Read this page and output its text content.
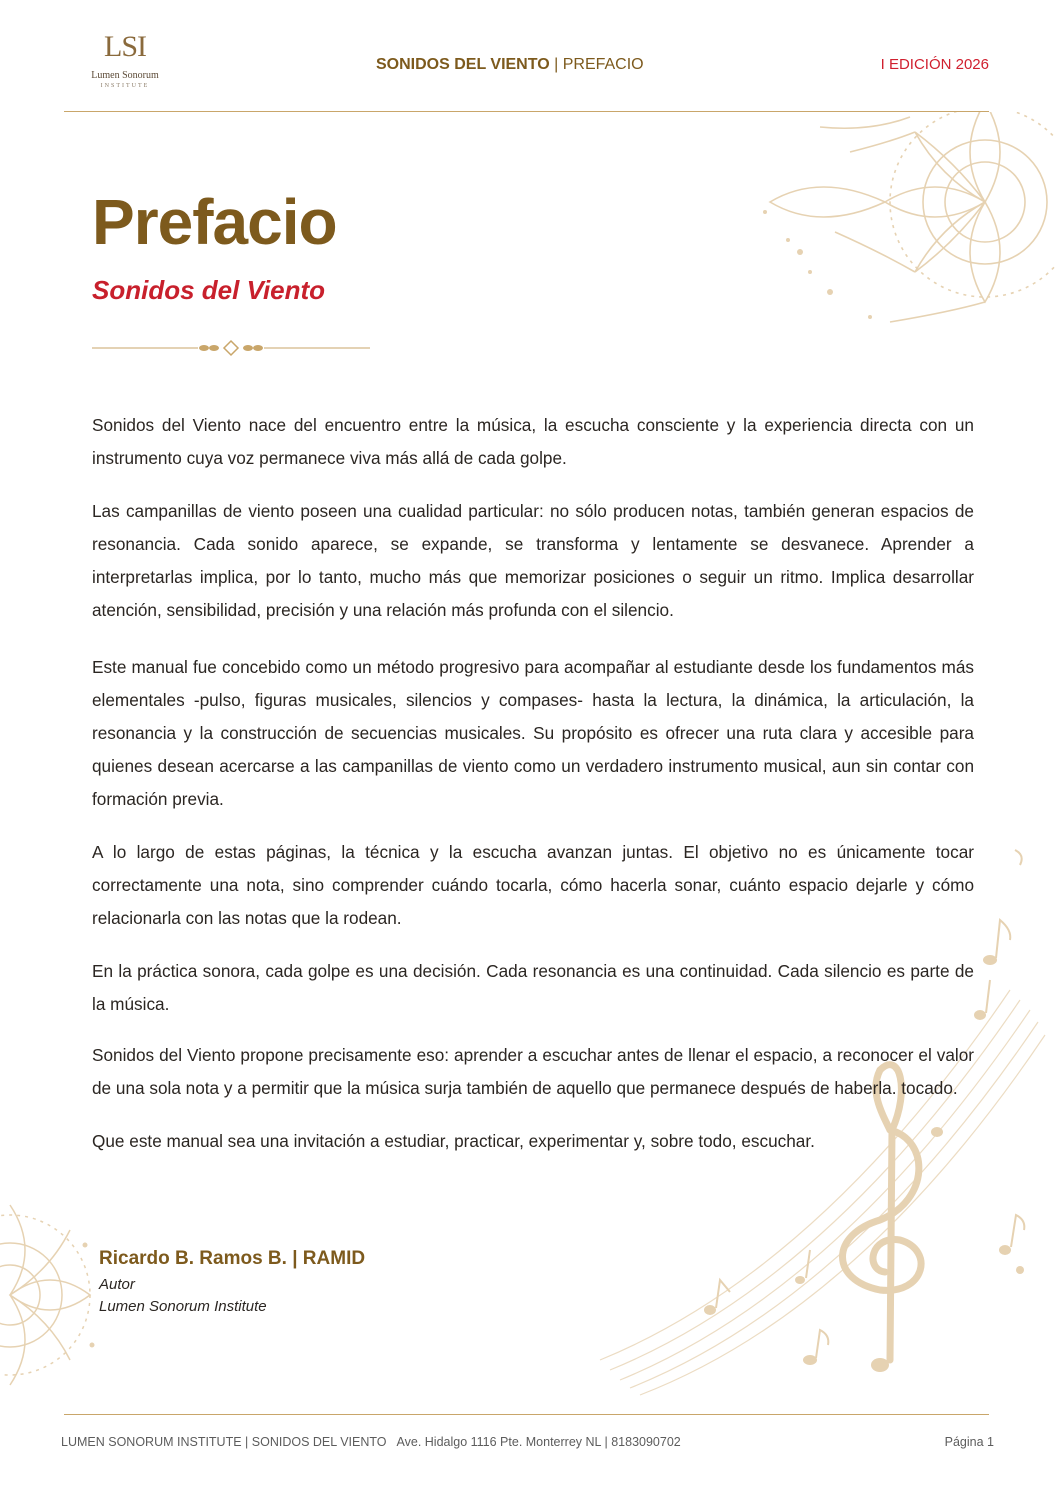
LSI
Lumen Sonorum
INSTITUTE
SONIDOS DEL VIENTO | PREFACIO	I EDICIÓN 2026
Prefacio
Sonidos del Viento

Sonidos del Viento nace del encuentro entre la música, la escucha consciente y la experiencia directa con un instrumento cuya voz permanece viva más allá de cada golpe.

Las campanillas de viento poseen una cualidad particular: no sólo producen notas, también generan espacios de resonancia. Cada sonido aparece, se expande, se transforma y lentamente se desvanece. Aprender a interpretarlas implica, por lo tanto, mucho más que memorizar posiciones o seguir un ritmo. Implica desarrollar atención, sensibilidad, precisión y una relación más profunda con el silencio.

Este manual fue concebido como un método progresivo para acompañar al estudiante desde los fundamentos más elementales -pulso, figuras musicales, silencios y compases- hasta la lectura, la dinámica, la articulación, la resonancia y la construcción de secuencias musicales. Su propósito es ofrecer una ruta clara y accesible para quienes desean acercarse a las campanillas de viento como un verdadero instrumento musical, aun sin contar con formación previa.

A lo largo de estas páginas, la técnica y la escucha avanzan juntas. El objetivo no es únicamente tocar correctamente una nota, sino comprender cuándo tocarla, cómo hacerla sonar, cuánto espacio dejarle y cómo relacionarla con las notas que la rodean.

En la práctica sonora, cada golpe es una decisión. Cada resonancia es una continuidad. Cada silencio es parte de la música.

Sonidos del Viento propone precisamente eso: aprender a escuchar antes de llenar el espacio, a reconocer el valor de una sola nota y a permitir que la música surja también de aquello que permanece después de haberla. tocado.

Que este manual sea una invitación a estudiar, practicar, experimentar y, sobre todo, escuchar.

Ricardo B. Ramos B. | RAMID
Autor
Lumen Sonorum Institute
LUMEN SONORUM INSTITUTE | SONIDOS DEL VIENTO Ave. Hidalgo 1116 Pte. Monterrey NL | 8183090702	Página 1
